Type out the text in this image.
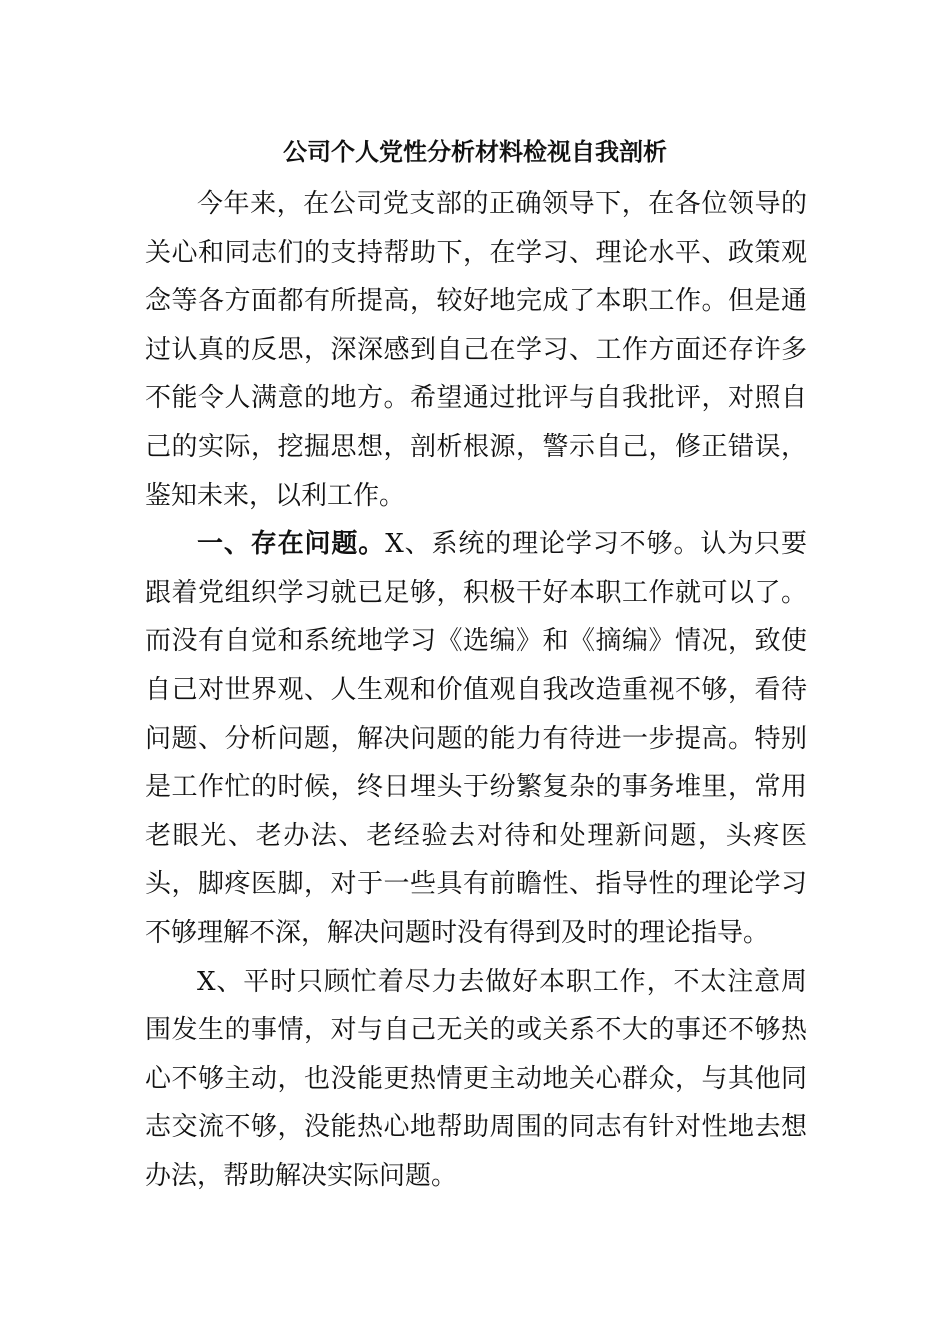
公司个人党性分析材料检视自我剖析

今年来，在公司党支部的正确领导下，在各位领导的关心和同志们的支持帮助下，在学习、理论水平、政策观念等各方面都有所提高，较好地完成了本职工作。但是通过认真的反思，深深感到自己在学习、工作方面还存许多不能令人满意的地方。希望通过批评与自我批评，对照自己的实际，挖掘思想，剖析根源，警示自己，修正错误，鉴知未来，以利工作。

一、存在问题。X、系统的理论学习不够。认为只要跟着党组织学习就已足够，积极干好本职工作就可以了。而没有自觉和系统地学习《选编》和《摘编》情况，致使自己对世界观、人生观和价值观自我改造重视不够，看待问题、分析问题，解决问题的能力有待进一步提高。特别是工作忙的时候，终日埋头于纷繁复杂的事务堆里，常用老眼光、老办法、老经验去对待和处理新问题，头疼医头，脚疼医脚，对于一些具有前瞻性、指导性的理论学习不够理解不深，解决问题时没有得到及时的理论指导。

X、平时只顾忙着尽力去做好本职工作，不太注意周围发生的事情，对与自己无关的或关系不大的事还不够热心不够主动，也没能更热情更主动地关心群众，与其他同志交流不够，没能热心地帮助周围的同志有针对性地去想办法，帮助解决实际问题。
